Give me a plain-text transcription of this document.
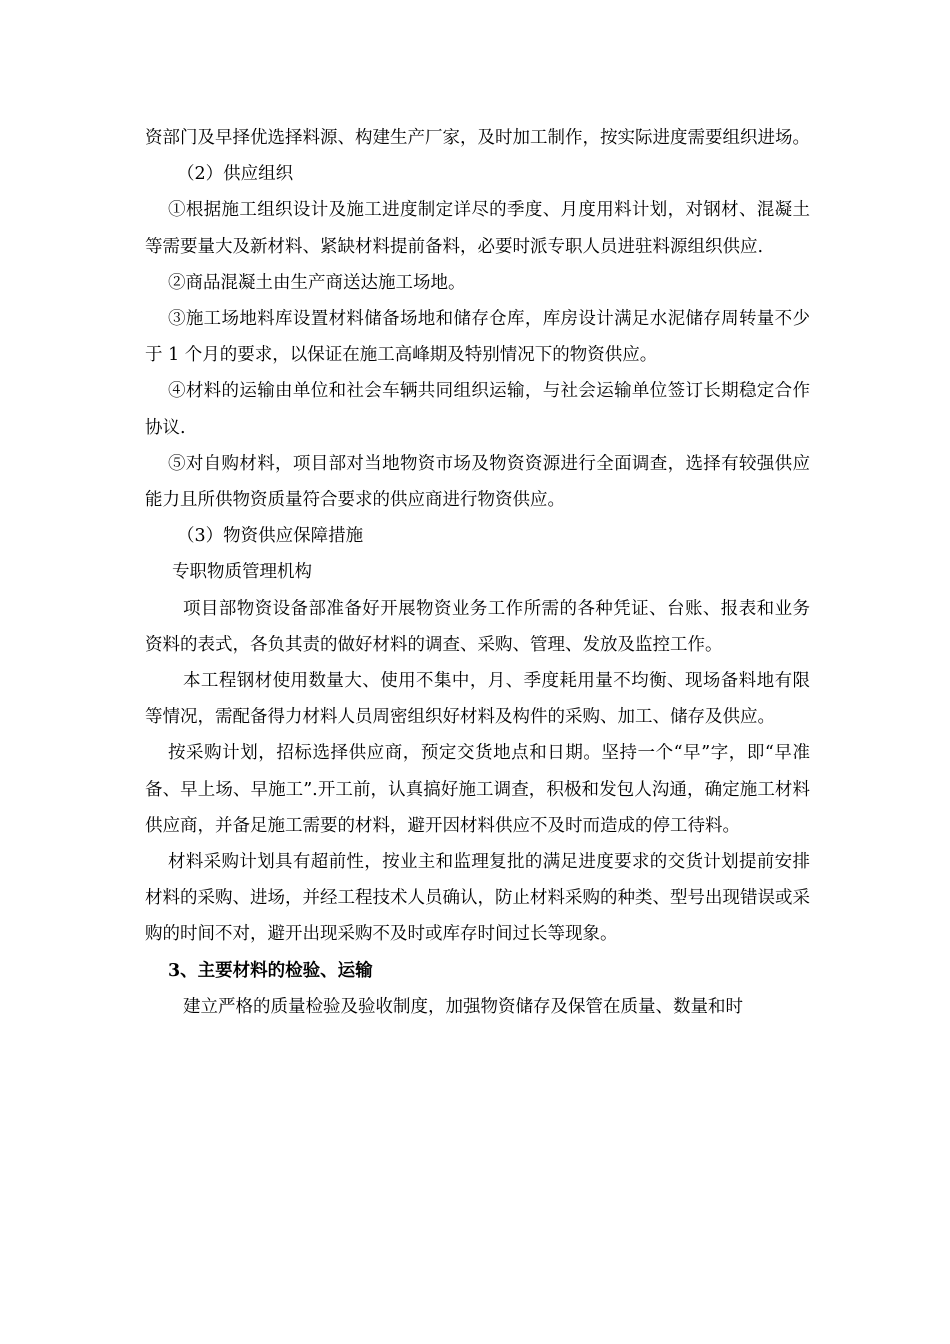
资部门及早择优选择料源、构建生产厂家，及时加工制作，按实际进度需要组织进场。

（2）供应组织

①根据施工组织设计及施工进度制定详尽的季度、月度用料计划，对钢材、混凝土等需要量大及新材料、紧缺材料提前备料，必要时派专职人员进驻料源组织供应.

②商品混凝土由生产商送达施工场地。

③施工场地料库设置材料储备场地和储存仓库，库房设计满足水泥储存周转量不少于 1 个月的要求，以保证在施工高峰期及特别情况下的物资供应。

④材料的运输由单位和社会车辆共同组织运输，与社会运输单位签订长期稳定合作协议.

⑤对自购材料，项目部对当地物资市场及物资资源进行全面调查，选择有较强供应能力且所供物资质量符合要求的供应商进行物资供应。

（3）物资供应保障措施

专职物质管理机构

项目部物资设备部准备好开展物资业务工作所需的各种凭证、台账、报表和业务资料的表式，各负其责的做好材料的调查、采购、管理、发放及监控工作。

本工程钢材使用数量大、使用不集中，月、季度耗用量不均衡、现场备料地有限等情况，需配备得力材料人员周密组织好材料及构件的采购、加工、储存及供应。

按采购计划，招标选择供应商，预定交货地点和日期。坚持一个“早”字，即“早准备、早上场、早施工”.开工前，认真搞好施工调查，积极和发包人沟通，确定施工材料供应商，并备足施工需要的材料，避开因材料供应不及时而造成的停工待料。

材料采购计划具有超前性，按业主和监理复批的满足进度要求的交货计划提前安排材料的采购、进场，并经工程技术人员确认，防止材料采购的种类、型号出现错误或采购的时间不对，避开出现采购不及时或库存时间过长等现象。

3、主要材料的检验、运输

建立严格的质量检验及验收制度，加强物资储存及保管在质量、数量和时
